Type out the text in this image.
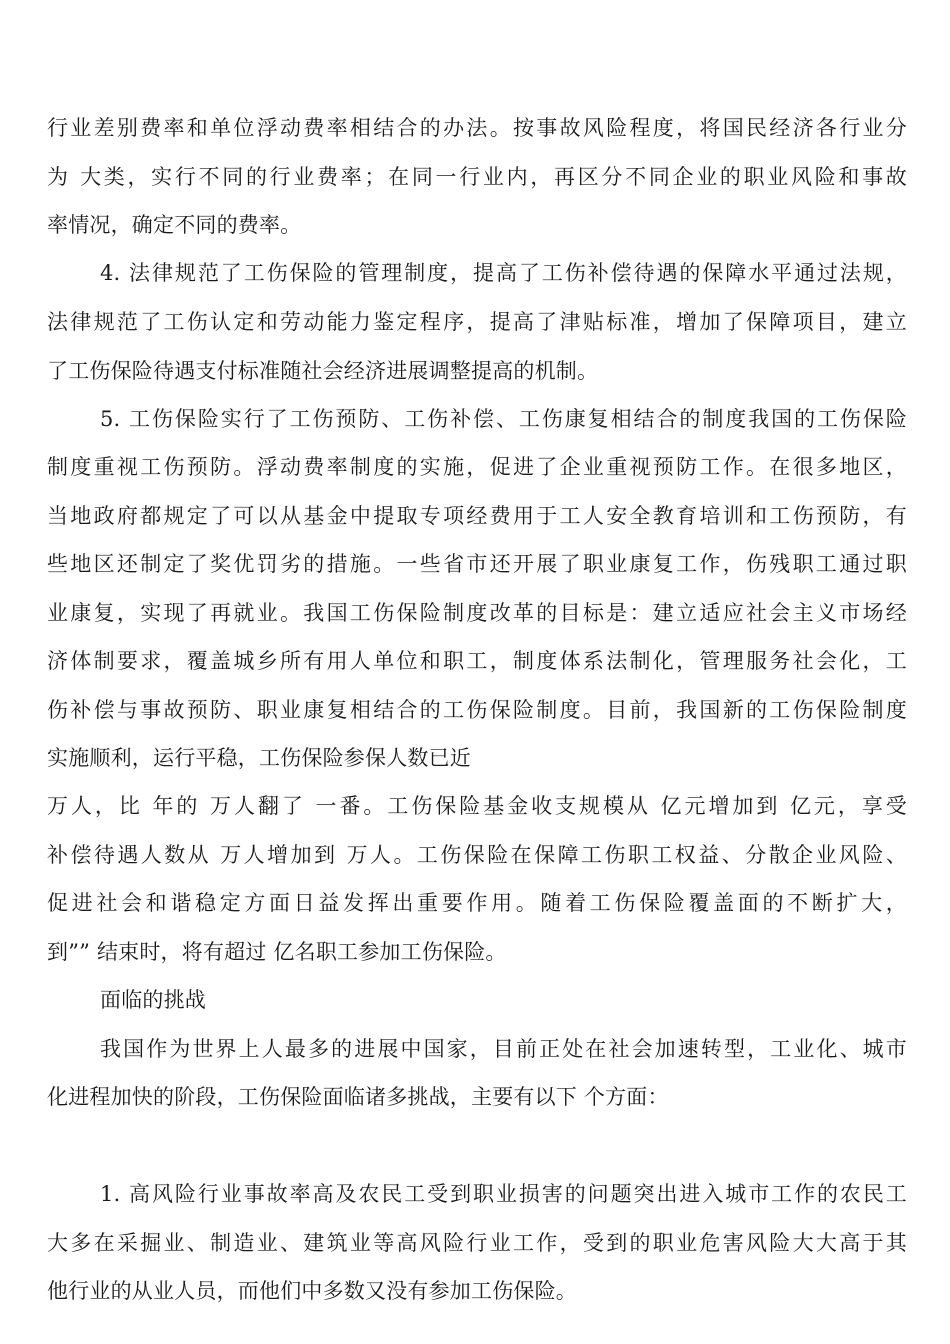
行业差别费率和单位浮动费率相结合的办法。按事故风险程度，将国民经济各行业分
为 大类，实行不同的行业费率；在同一行业内，再区分不同企业的职业风险和事故
率情况，确定不同的费率。
4. 法律规范了工伤保险的管理制度，提高了工伤补偿待遇的保障水平通过法规，
法律规范了工伤认定和劳动能力鉴定程序，提高了津贴标准，增加了保障项目，建立
了工伤保险待遇支付标准随社会经济进展调整提高的机制。
5. 工伤保险实行了工伤预防、工伤补偿、工伤康复相结合的制度我国的工伤保险
制度重视工伤预防。浮动费率制度的实施，促进了企业重视预防工作。在很多地区，
当地政府都规定了可以从基金中提取专项经费用于工人安全教育培训和工伤预防，有
些地区还制定了奖优罚劣的措施。一些省市还开展了职业康复工作，伤残职工通过职
业康复，实现了再就业。我国工伤保险制度改革的目标是：建立适应社会主义市场经
济体制要求，覆盖城乡所有用人单位和职工，制度体系法制化，管理服务社会化，工
伤补偿与事故预防、职业康复相结合的工伤保险制度。目前，我国新的工伤保险制度
实施顺利，运行平稳，工伤保险参保人数已近
万人，比 年的 万人翻了 一番。工伤保险基金收支规模从 亿元增加到 亿元，享受
补偿待遇人数从 万人增加到 万人。工伤保险在保障工伤职工权益、分散企业风险、
促进社会和谐稳定方面日益发挥出重要作用。随着工伤保险覆盖面的不断扩大，
到”” 结束时，将有超过 亿名职工参加工伤保险。
面临的挑战
我国作为世界上人最多的进展中国家，目前正处在社会加速转型，工业化、城市
化进程加快的阶段，工伤保险面临诸多挑战，主要有以下 个方面：
1. 高风险行业事故率高及农民工受到职业损害的问题突出进入城市工作的农民工
大多在采掘业、制造业、建筑业等高风险行业工作，受到的职业危害风险大大高于其
他行业的从业人员，而他们中多数又没有参加工伤保险。
